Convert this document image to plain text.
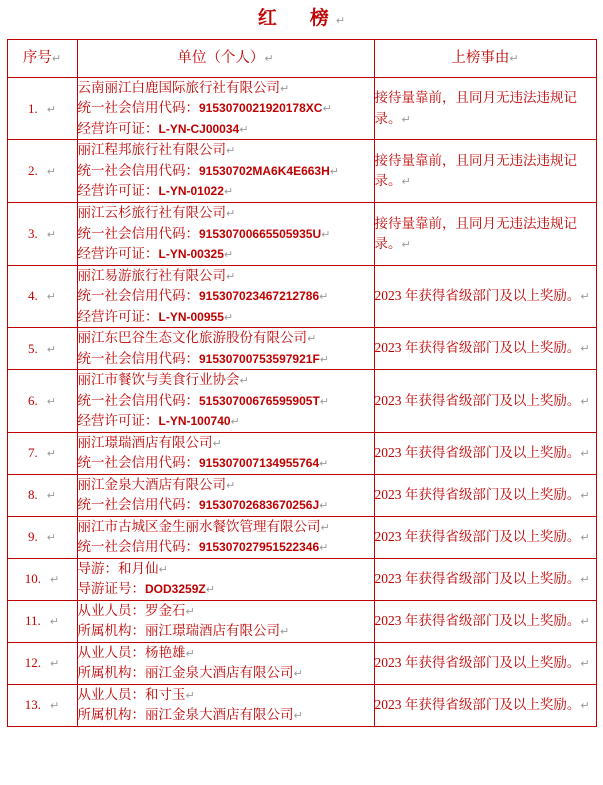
红　榜↵
序号↵	单位（个人）↵	上榜事由↵
1. ↵	云南丽江白鹿国际旅行社有限公司↵
统一社会信用代码：9153070021920178XC↵
经营许可证：L-YN-CJ00034↵	接待量靠前，且同月无违法违规记录。↵
2. ↵	丽江程邦旅行社有限公司↵
统一社会信用代码：91530702MA6K4E663H↵
经营许可证：L-YN-01022↵	接待量靠前，且同月无违法违规记录。↵
3. ↵	丽江云杉旅行社有限公司↵
统一社会信用代码：91530700665505935U↵
经营许可证：L-YN-00325↵	接待量靠前，且同月无违法违规记录。↵
4. ↵	丽江易游旅行社有限公司↵
统一社会信用代码：915307023467212786↵
经营许可证：L-YN-00955↵	2023 年获得省级部门及以上奖励。↵
5. ↵	丽江东巴谷生态文化旅游股份有限公司↵
统一社会信用代码：91530700753597921F↵	2023 年获得省级部门及以上奖励。↵
6. ↵	丽江市餐饮与美食行业协会↵
统一社会信用代码：51530700676595905T↵
经营许可证：L-YN-100740↵	2023 年获得省级部门及以上奖励。↵
7. ↵	丽江璟瑞酒店有限公司↵
统一社会信用代码：915307007134955764↵	2023 年获得省级部门及以上奖励。↵
8. ↵	丽江金泉大酒店有限公司↵
统一社会信用代码：91530702683670256J↵	2023 年获得省级部门及以上奖励。↵
9. ↵	丽江市古城区金生丽水餐饮管理有限公司↵
统一社会信用代码：915307027951522346↵	2023 年获得省级部门及以上奖励。↵
10. ↵	导游：和月仙↵
导游证号：DOD3259Z↵	2023 年获得省级部门及以上奖励。↵
11. ↵	从业人员：罗金石↵
所属机构：丽江璟瑞酒店有限公司↵	2023 年获得省级部门及以上奖励。↵
12. ↵	从业人员：杨艳雄↵
所属机构：丽江金泉大酒店有限公司↵	2023 年获得省级部门及以上奖励。↵
13. ↵	从业人员：和寸玉↵
所属机构：丽江金泉大酒店有限公司↵	2023 年获得省级部门及以上奖励。↵
